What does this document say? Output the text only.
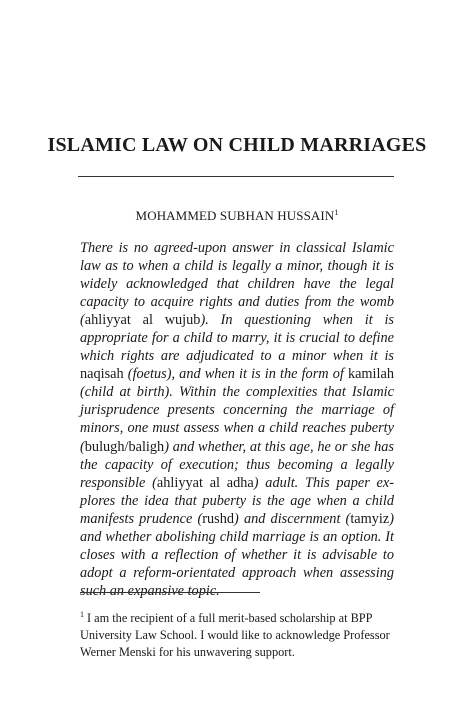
ISLAMIC LAW ON CHILD MARRIAGES
MOHAMMED SUBHAN HUSSAIN$^1$

There is no agreed-upon answer in classical Islamic law as to when a child is legally a minor, though it is widely acknowledged that children have the legal capacity to acquire rights and duties from the womb (ahliyyat al wujub). In questioning when it is appropriate for a child to marry, it is crucial to define which rights are adjudicated to a minor when it is naqisah (foetus), and when it is in the form of kamilah (child at birth). Within the complexities that Islamic jurisprudence presents concerning the marriage of minors, one must assess when a child reaches puberty (bulugh/baligh) and whether, at this age, he or she has the capacity of execution; thus becoming a legally responsible (ahliyyat al adha) adult. This paper explores the idea that puberty is the age when a child manifests prudence (rushd) and discernment (tamyiz) and whether abolishing child marriage is an option. It closes with a reflection of whether it is advisable to adopt a reform-orientated approach when assessing such an expansive topic.

$^1$ I am the recipient of a full merit-based scholarship at BPP University Law School. I would like to acknowledge Professor Werner Menski for his unwavering support.
